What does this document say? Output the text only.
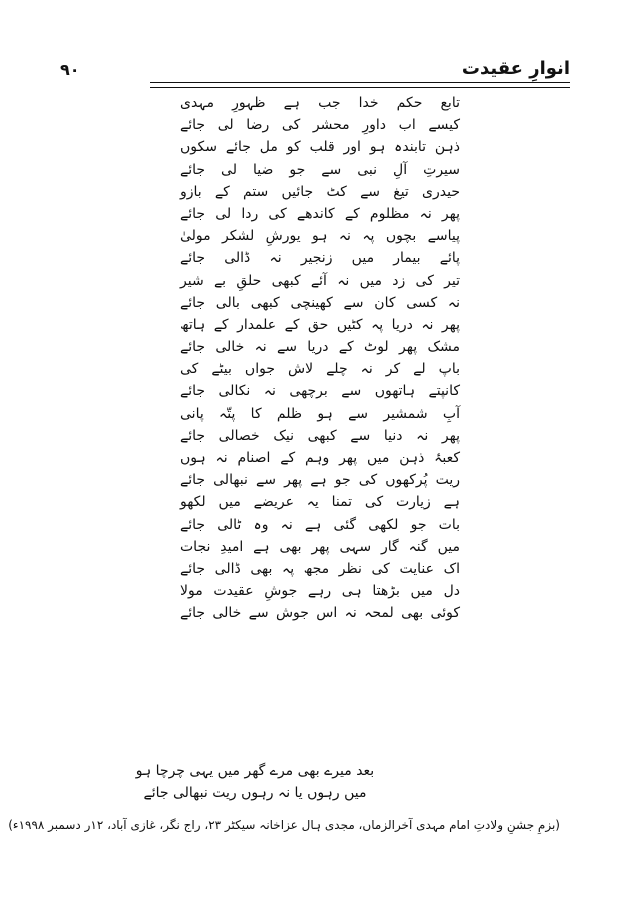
انوارِ عقیدت
۹۰
تابع حکم خدا جب ہے ظہورِ مہدی
کیسے اب داورِ محشر کی رضا لی جائے
ذہن تابندہ ہو اور قلب کو مل جائے سکوں
سیرتِ آلِ نبی سے جو ضیا لی جائے
حیدری تیغ سے کٹ جائیں ستم کے بازو
پھر نہ مظلوم کے کاندھے کی ردا لی جائے
پیاسے بچوں پہ نہ ہو یورشِ لشکر مولیٰ
پائے بیمار میں زنجیر نہ ڈالی جائے
تیر کی زد میں نہ آئے کبھی حلقِ بے شیر
نہ کسی کان سے کھینچی کبھی بالی جائے
پھر نہ دریا پہ کٹیں حق کے علمدار کے ہاتھ
مشک پھر لوٹ کے دریا سے نہ خالی جائے
باپ لے کر نہ چلے لاش جواں بیٹے کی
کانپتے ہاتھوں سے برچھی نہ نکالی جائے
آبِ شمشیر سے ہو ظلم کا پتّہ پانی
پھر نہ دنیا سے کبھی نیک خصالی جائے
کعبۂ ذہن میں پھر وہم کے اصنام نہ ہوں
ریت پُرکھوں کی جو ہے پھر سے نبھالی جائے
ہے زیارت کی تمنا یہ عریضے میں لکھو
بات جو لکھی گئی ہے نہ وہ ٹالی جائے
میں گنہ گار سہی پھر بھی ہے امیدِ نجات
اک عنایت کی نظر مجھ پہ بھی ڈالی جائے
دل میں بڑھتا ہی رہے جوشِ عقیدت مولا
کوئی بھی لمحہ نہ اس جوش سے خالی جائے
بعد میرے بھی مرے گھر میں یہی چرچا ہو
میں رہوں یا نہ رہوں ریت نبھالی جائے
(بزمِ جشنِ ولادتِ امام مہدی آخرالزماں، مجدی ہال عزاخانہ سیکٹر ۲۳، راج نگر، غازی آباد، ۱۲ر دسمبر ۱۹۹۸ء)
